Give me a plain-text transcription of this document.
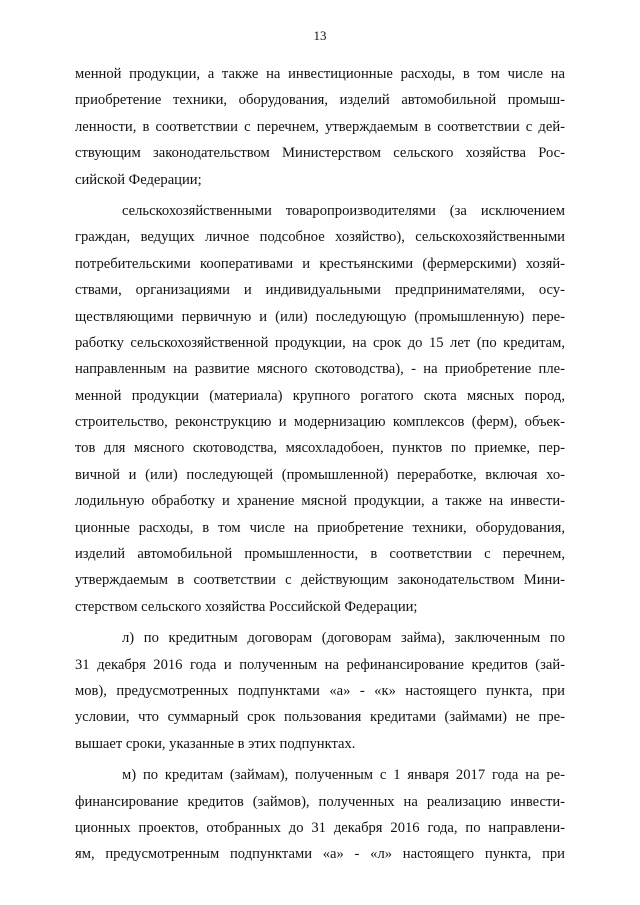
13
менной продукции, а также на инвестиционные расходы, в том числе на
приобретение техники, оборудования, изделий автомобильной промыш-
ленности, в соответствии с перечнем, утверждаемым в соответствии с дей-
ствующим законодательством Министерством сельского хозяйства Рос-
сийской Федерации;
сельскохозяйственными товаропроизводителями (за исключением
граждан, ведущих личное подсобное хозяйство), сельскохозяйственными
потребительскими кооперативами и крестьянскими (фермерскими) хозяй-
ствами, организациями и индивидуальными предпринимателями, осу-
ществляющими первичную и (или) последующую (промышленную) пере-
работку сельскохозяйственной продукции, на срок до 15 лет (по кредитам,
направленным на развитие мясного скотоводства), - на приобретение пле-
менной продукции (материала) крупного рогатого скота мясных пород,
строительство, реконструкцию и модернизацию комплексов (ферм), объек-
тов для мясного скотоводства, мясохладобоен, пунктов по приемке, пер-
вичной и (или) последующей (промышленной) переработке, включая хо-
лодильную обработку и хранение мясной продукции, а также на инвести-
ционные расходы, в том числе на приобретение техники, оборудования,
изделий автомобильной промышленности, в соответствии с перечнем,
утверждаемым в соответствии с действующим законодательством Мини-
стерством сельского хозяйства Российской Федерации;
л) по кредитным договорам (договорам займа), заключенным по
31 декабря 2016 года и полученным на рефинансирование кредитов (зай-
мов), предусмотренных подпунктами «а» - «к» настоящего пункта, при
условии, что суммарный срок пользования кредитами (займами) не пре-
вышает сроки, указанные в этих подпунктах.
м) по кредитам (займам), полученным с 1 января 2017 года на ре-
финансирование кредитов (займов), полученных на реализацию инвести-
ционных проектов, отобранных до 31 декабря 2016 года, по направлени-
ям, предусмотренным подпунктами «а» - «л» настоящего пункта, при
